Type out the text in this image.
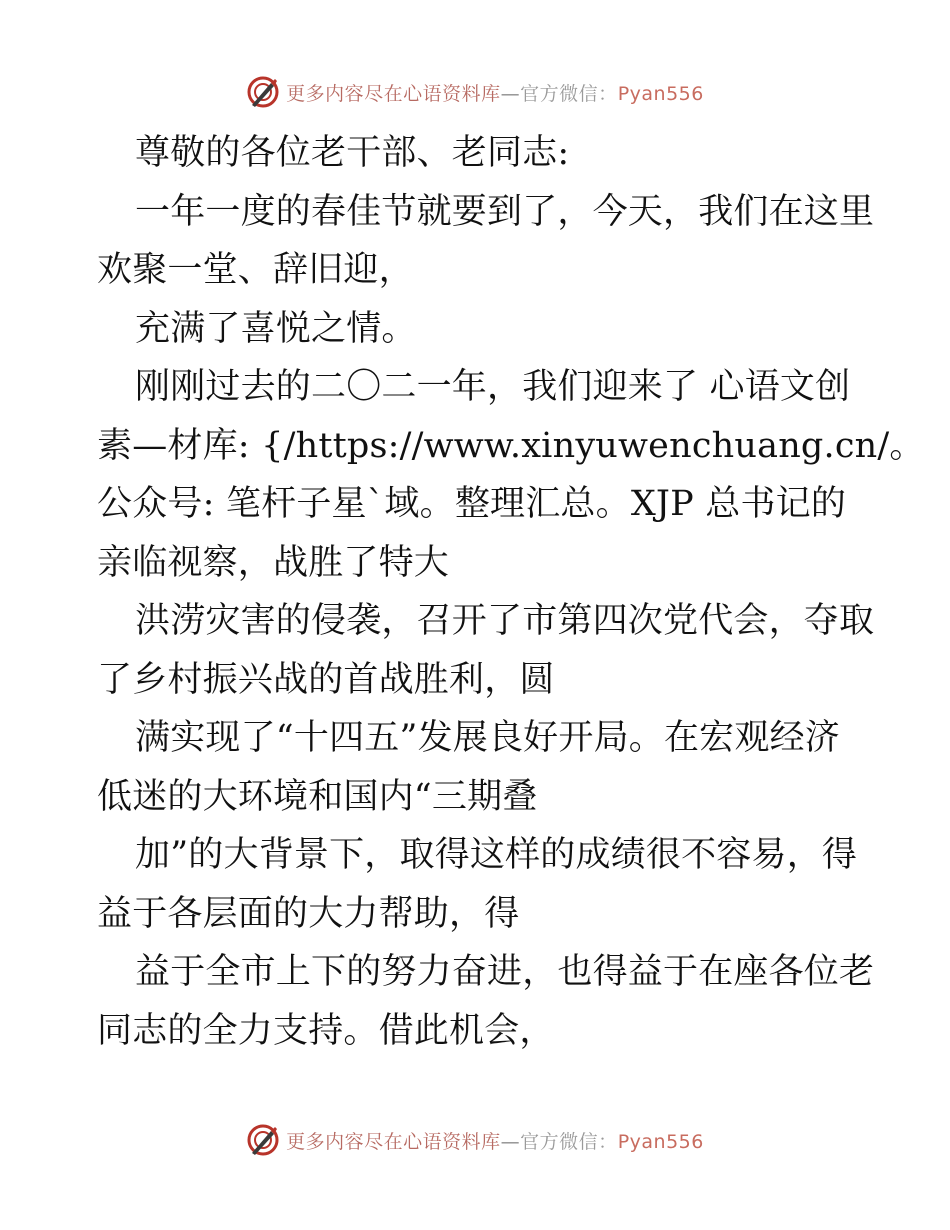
更多内容尽在心语资料库—官方微信：Pyan556
尊敬的各位老干部、老同志:
一年一度的春佳节就要到了，今天，我们在这里
欢聚一堂、辞旧迎，
充满了喜悦之情。
刚刚过去的二〇二一年，我们迎来了 心语文创
素—材库: {/https://www.xinyuwenchuang.cn/。
公众号: 笔杆子星`域。整理汇总。XJP 总书记的
亲临视察，战胜了特大
洪涝灾害的侵袭，召开了市第四次党代会，夺取
了乡村振兴战的首战胜利，圆
满实现了“十四五”发展良好开局。在宏观经济
低迷的大环境和国内“三期叠
加”的大背景下，取得这样的成绩很不容易，得
益于各层面的大力帮助，得
益于全市上下的努力奋进，也得益于在座各位老
同志的全力支持。借此机会，
更多内容尽在心语资料库—官方微信：Pyan556
